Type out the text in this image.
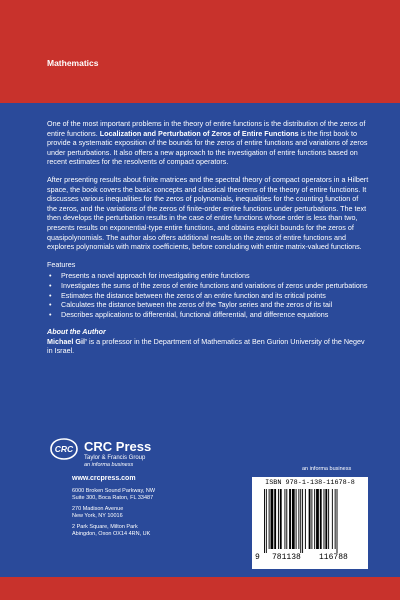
Mathematics

One of the most important problems in the theory of entire functions is the distribution of the zeros of entire functions. Localization and Perturbation of Zeros of Entire Functions is the first book to provide a systematic exposition of the bounds for the zeros of entire functions and variations of zeros under perturbations. It also offers a new approach to the investigation of entire functions based on recent estimates for the resolvents of compact operators.

After presenting results about finite matrices and the spectral theory of compact operators in a Hilbert space, the book covers the basic concepts and classical theorems of the theory of entire functions. It discusses various inequalities for the zeros of polynomials, inequalities for the counting function of the zeros, and the variations of the zeros of finite-order entire functions under perturbations. The text then develops the perturbation results in the case of entire functions whose order is less than two, presents results on exponential-type entire functions, and obtains explicit bounds for the zeros of quasipolynomials. The author also offers additional results on the zeros of entire functions and explores polynomials with matrix coefficients, before concluding with entire matrix-valued functions.

Features
• Presents a novel approach for investigating entire functions
• Investigates the sums of the zeros of entire functions and variations of zeros under perturbations
• Estimates the distance between the zeros of an entire function and its critical points
• Calculates the distance between the zeros of the Taylor series and the zeros of its tail
• Describes applications to differential, functional differential, and difference equations
About the Author
Michael Gil’ is a professor in the Department of Mathematics at Ben Gurion University of the Negev in Israel.
CRC CRC Press
Taylor & Francis Group
an informa business
www.crcpress.com
6000 Broken Sound Parkway, NW
Suite 300, Boca Raton, FL 33487
270 Madison Avenue
New York, NY 10016
2 Park Square, Milton Park
Abingdon, Oxon OX14 4RN, UK
an informa business
ISBN 978-1-138-11678-8
9 781138 116788
